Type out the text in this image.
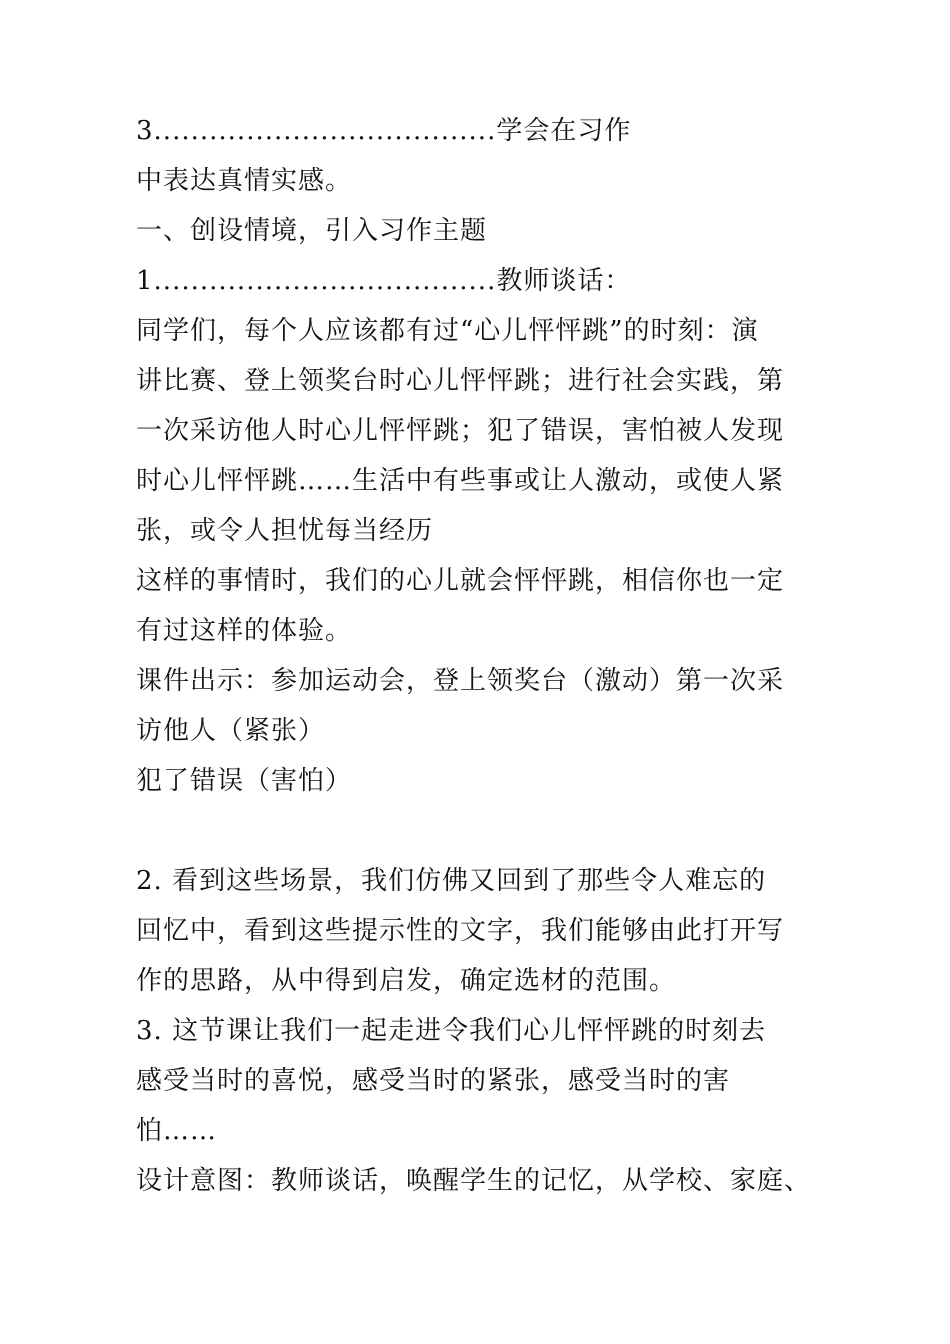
3.....................................学会在习作
中表达真情实感。
一、创设情境，引入习作主题
1.....................................教师谈话：
同学们，每个人应该都有过“心儿怦怦跳”的时刻：演
讲比赛、登上领奖台时心儿怦怦跳；进行社会实践，第
一次采访他人时心儿怦怦跳；犯了错误，害怕被人发现
时心儿怦怦跳……生活中有些事或让人激动，或使人紧
张，或令人担忧每当经历
这样的事情时，我们的心儿就会怦怦跳，相信你也一定
有过这样的体验。
课件出示：参加运动会，登上领奖台（激动）第一次采
访他人（紧张）
犯了错误（害怕）
2. 看到这些场景，我们仿佛又回到了那些令人难忘的
回忆中，看到这些提示性的文字，我们能够由此打开写
作的思路，从中得到启发，确定选材的范围。
3. 这节课让我们一起走进令我们心儿怦怦跳的时刻去
感受当时的喜悦，感受当时的紧张，感受当时的害
怕……
设计意图：教师谈话，唤醒学生的记忆，从学校、家庭、
